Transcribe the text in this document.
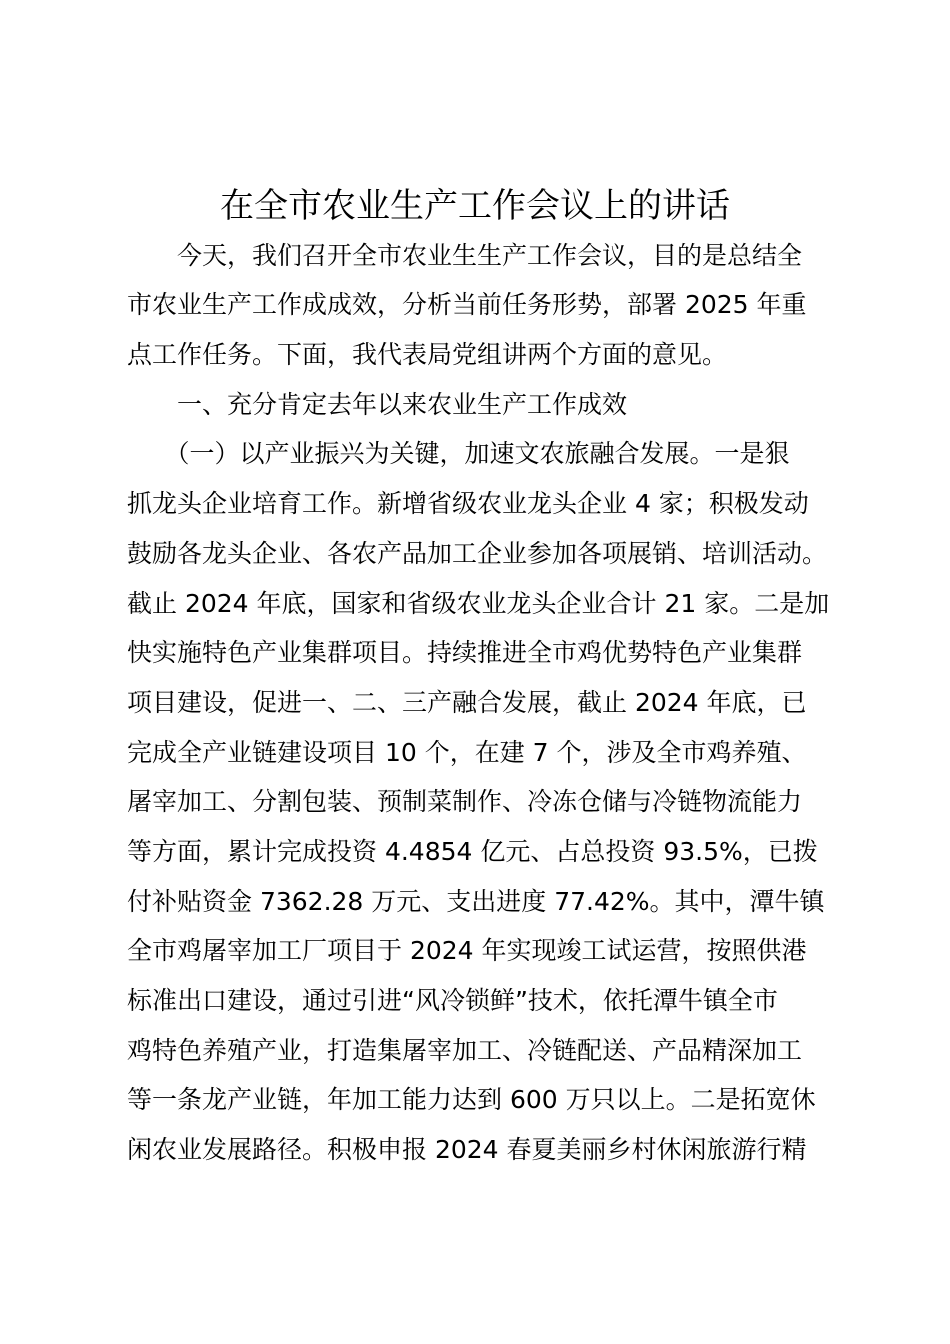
在全市农业生产工作会议上的讲话
　　今天，我们召开全市农业生生产工作会议，目的是总结全
市农业生产工作成成效，分析当前任务形势，部署 2025 年重
点工作任务。下面，我代表局党组讲两个方面的意见。
　　一、充分肯定去年以来农业生产工作成效
　　（一）以产业振兴为关键，加速文农旅融合发展。一是狠
抓龙头企业培育工作。新增省级农业龙头企业 4 家；积极发动
鼓励各龙头企业、各农产品加工企业参加各项展销、培训活动。
截止 2024 年底，国家和省级农业龙头企业合计 21 家。二是加
快实施特色产业集群项目。持续推进全市鸡优势特色产业集群
项目建设，促进一、二、三产融合发展，截止 2024 年底，已
完成全产业链建设项目 10 个，在建 7 个，涉及全市鸡养殖、
屠宰加工、分割包装、预制菜制作、冷冻仓储与冷链物流能力
等方面，累计完成投资 4.4854 亿元、占总投资 93.5%，已拨
付补贴资金 7362.28 万元、支出进度 77.42%。其中，潭牛镇
全市鸡屠宰加工厂项目于 2024 年实现竣工试运营，按照供港
标准出口建设，通过引进“风冷锁鲜”技术，依托潭牛镇全市
鸡特色养殖产业，打造集屠宰加工、冷链配送、产品精深加工
等一条龙产业链，年加工能力达到 600 万只以上。二是拓宽休
闲农业发展路径。积极申报 2024 春夏美丽乡村休闲旅游行精
